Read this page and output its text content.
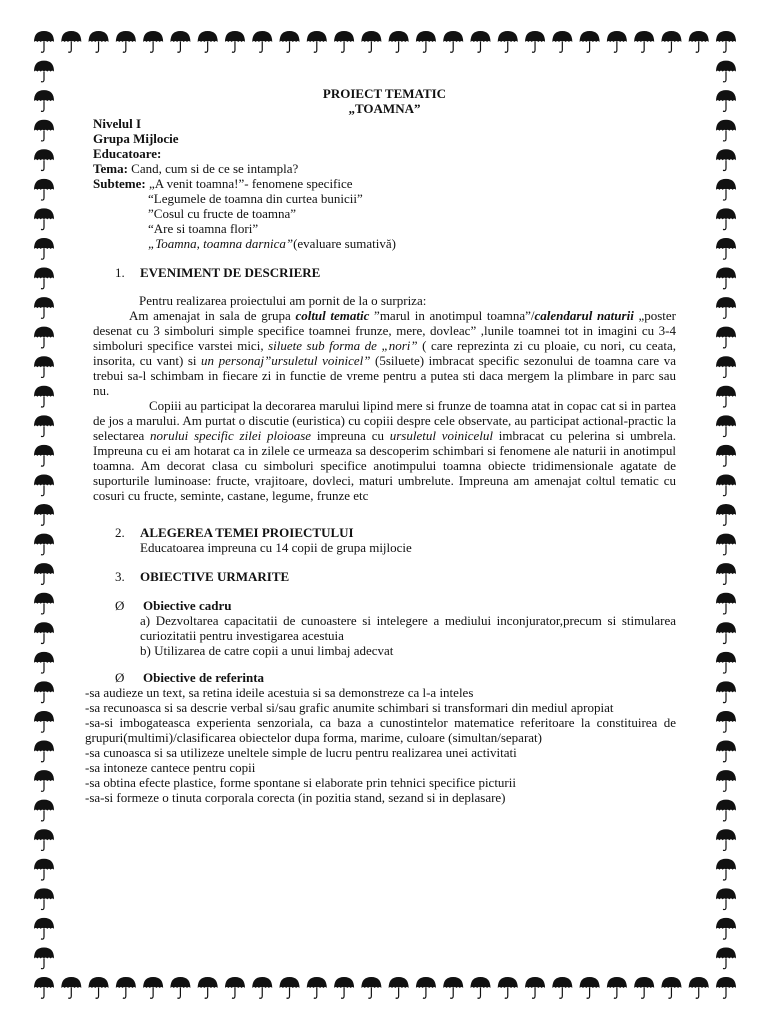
PROIECT TEMATIC
„TOAMNA”
Nivelul I
Grupa Mijlocie
Educatoare:
Tema: Cand, cum si de ce se intampla?
Subteme: „A venit toamna!”- fenomene specifice
“Legumele de toamna din curtea bunicii”
”Cosul cu fructe de toamna”
“Are si toamna flori”
„Toamna, toamna darnica”(evaluare sumativă)
1.	EVENIMENT DE DESCRIERE

Pentru realizarea proiectului am pornit de la o surpriza:

Am amenajat in sala de grupa coltul tematic ”marul in anotimpul toamna”/calendarul naturii „poster desenat cu 3 simboluri simple specifice toamnei frunze, mere, dovleac” ,lunile toamnei tot in imagini cu 3-4 simboluri specifice varstei mici, siluete sub forma de „nori” ( care reprezinta zi cu ploaie, cu nori, cu ceata, insorita, cu vant) si un personaj”ursuletul voinicel” (5siluete) imbracat specific sezonului de toamna care va trebui sa-l schimbam in fiecare zi in functie de vreme pentru a putea sti daca mergem la plimbare in parc sau nu.

Copiii au participat la decorarea marului lipind mere si frunze de toamna atat in copac cat si in partea de jos a marului. Am purtat o discutie (euristica) cu copiii despre cele observate, au participat actional-practic la selectarea norului specific zilei ploioase impreuna cu ursuletul voinicelul imbracat cu pelerina si umbrela. Impreuna cu ei am hotarat ca in zilele ce urmeaza sa descoperim schimbari si fenomene ale naturii in anotimpul toamna. Am decorat clasa cu simboluri specifice anotimpului toamna obiecte tridimensionale agatate de suporturile luminoase: fructe, vrajitoare, dovleci, maturi umbrelute. Impreuna am amenajat coltul tematic cu cosuri cu fructe, seminte, castane, legume, frunze etc

2.	ALEGEREA TEMEI PROIECTULUI
Educatoarea impreuna cu 14 copii de grupa mijlocie
3.	OBIECTIVE URMARITE
Ø	Obiective cadru

a) Dezvoltarea capacitatii de cunoastere si intelegere a mediului inconjurator,precum si stimularea curiozitatii pentru investigarea acestuia

b) Utilizarea de catre copii a unui limbaj adecvat

Ø	Obiective de referinta

-sa audieze un text, sa retina ideile acestuia si sa demonstreze ca l-a inteles

-sa recunoasca si sa descrie verbal si/sau grafic anumite schimbari si transformari din mediul apropiat

-sa-si imbogateasca experienta senzoriala, ca baza a cunostintelor matematice referitoare la constituirea de grupuri(multimi)/clasificarea obiectelor dupa forma, marime, culoare (simultan/separat)

-sa cunoasca si sa utilizeze uneltele simple de lucru pentru realizarea unei activitati

-sa intoneze cantece pentru copii

-sa obtina efecte plastice, forme spontane si elaborate prin tehnici specifice picturii

-sa-si formeze o tinuta corporala corecta (in pozitia stand, sezand si in deplasare)
